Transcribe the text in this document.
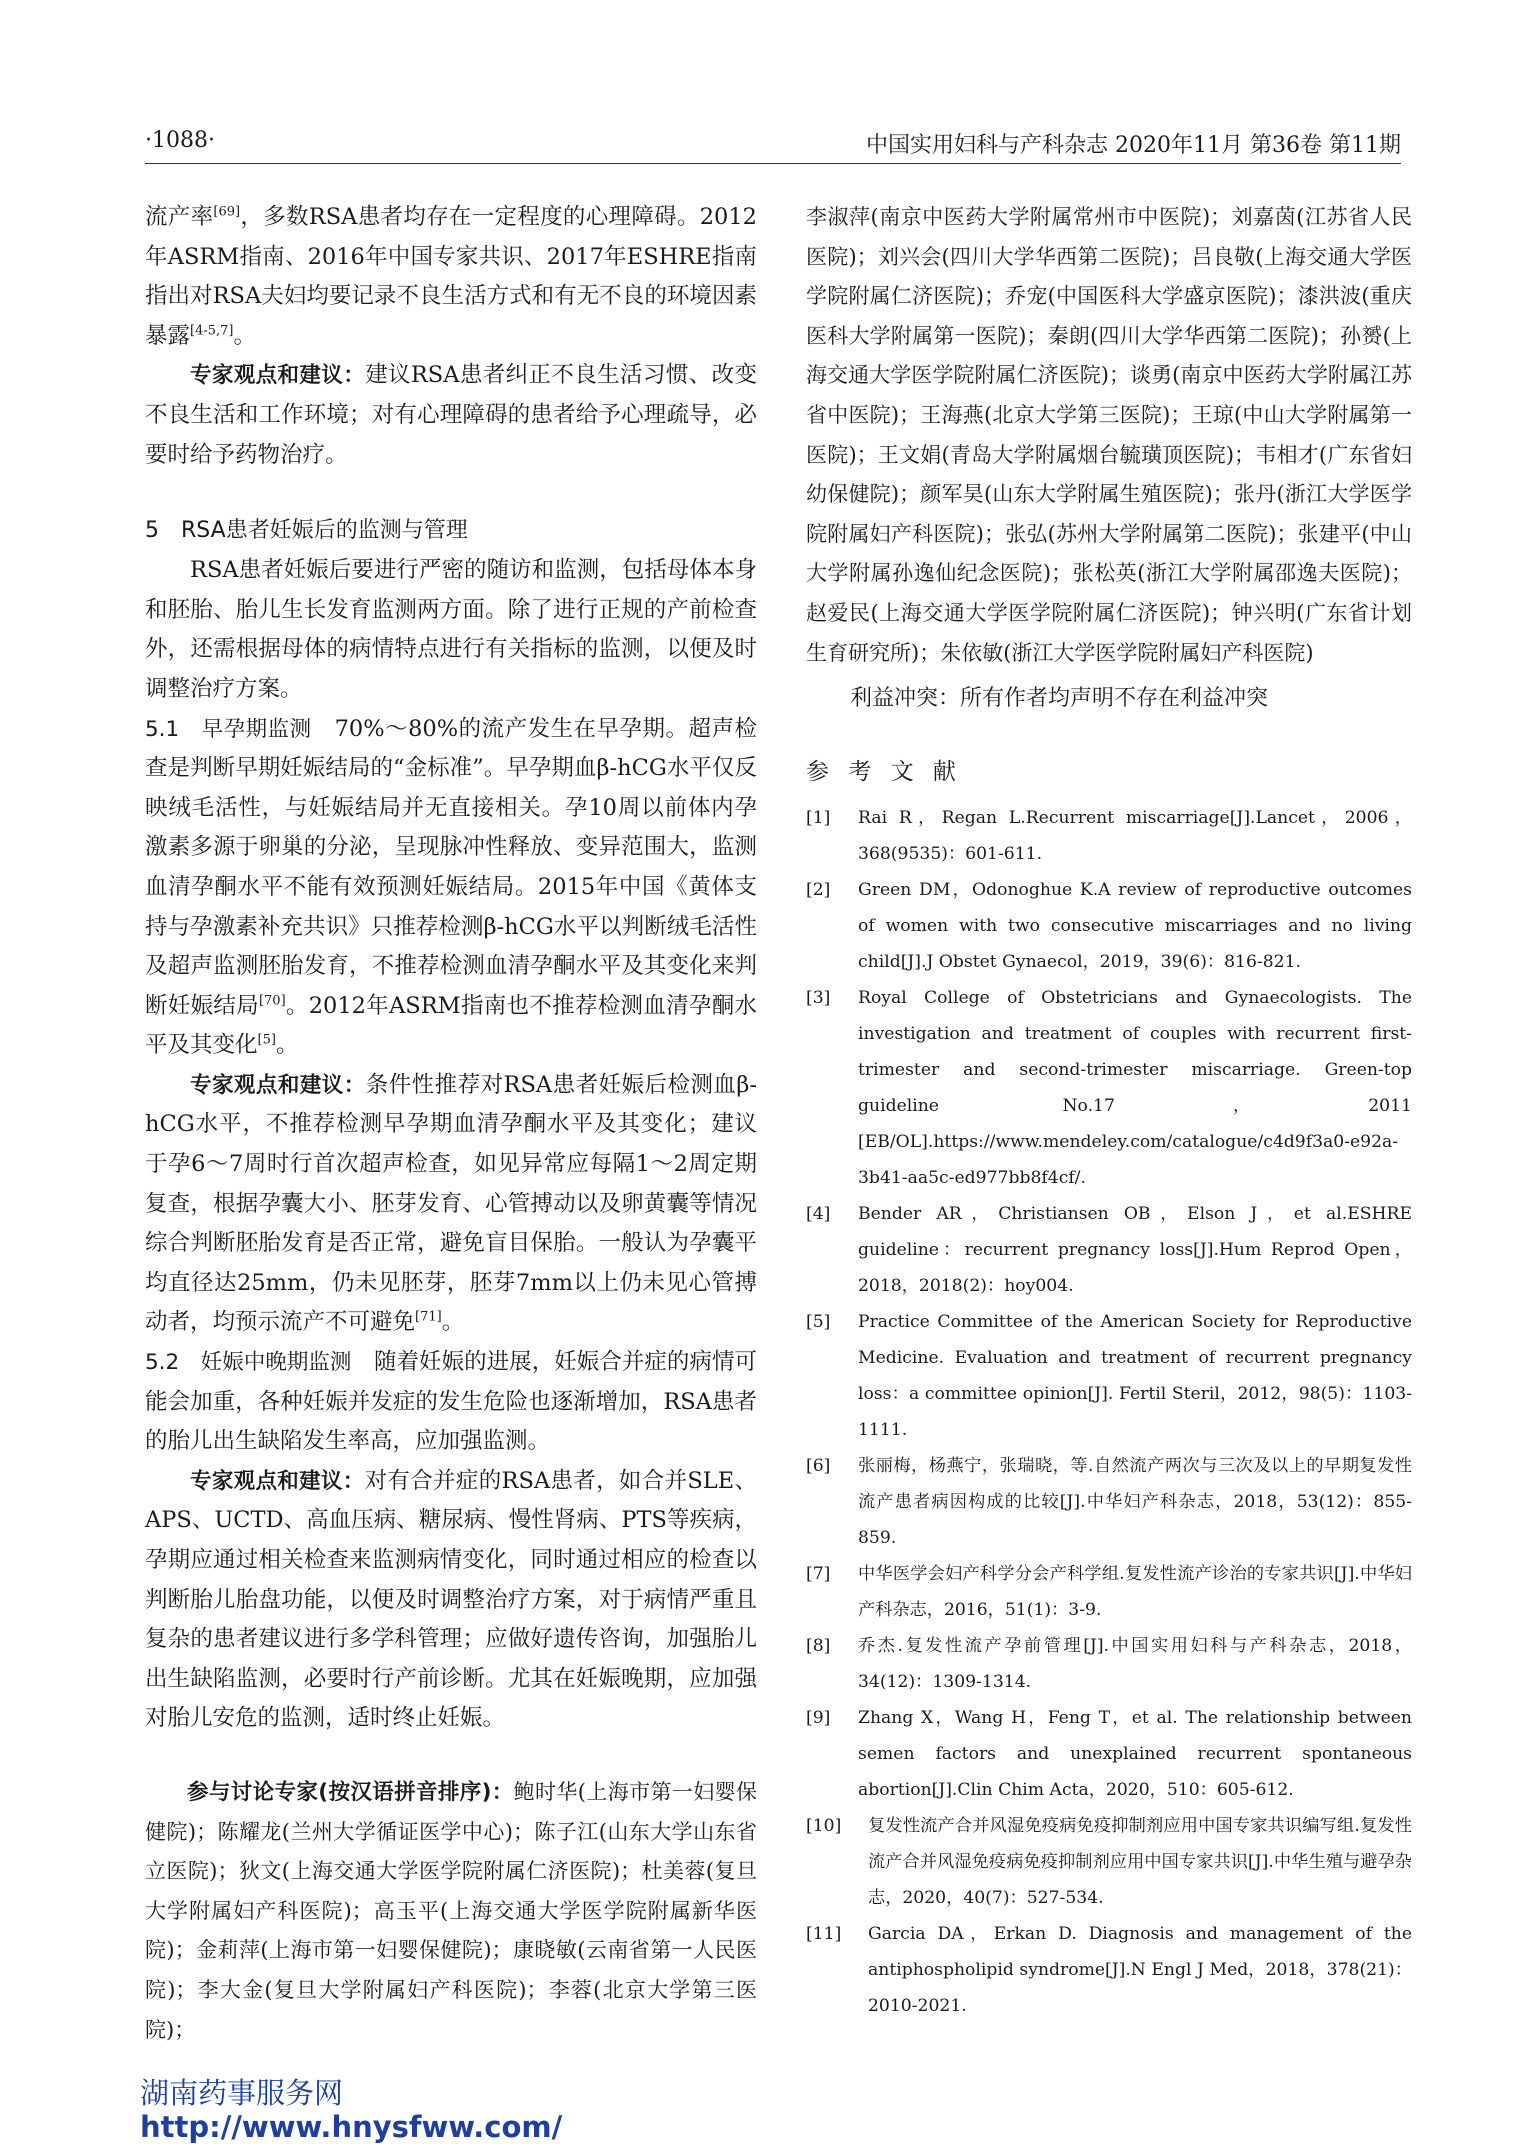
·1088·	中国实用妇科与产科杂志 2020年11月 第36卷 第11期

流产率[69]，多数RSA患者均存在一定程度的心理障碍。2012年ASRM指南、2016年中国专家共识、2017年ESHRE指南指出对RSA夫妇均要记录不良生活方式和有无不良的环境因素暴露[4-5,7]。

专家观点和建议：建议RSA患者纠正不良生活习惯、改变不良生活和工作环境；对有心理障碍的患者给予心理疏导，必要时给予药物治疗。

5　RSA患者妊娠后的监测与管理

RSA患者妊娠后要进行严密的随访和监测，包括母体本身和胚胎、胎儿生长发育监测两方面。除了进行正规的产前检查外，还需根据母体的病情特点进行有关指标的监测，以便及时调整治疗方案。

5.1　早孕期监测　70%～80%的流产发生在早孕期。超声检查是判断早期妊娠结局的“金标准”。早孕期血β-hCG水平仅反映绒毛活性，与妊娠结局并无直接相关。孕10周以前体内孕激素多源于卵巢的分泌，呈现脉冲性释放、变异范围大，监测血清孕酮水平不能有效预测妊娠结局。2015年中国《黄体支持与孕激素补充共识》只推荐检测β-hCG水平以判断绒毛活性及超声监测胚胎发育，不推荐检测血清孕酮水平及其变化来判断妊娠结局[70]。2012年ASRM指南也不推荐检测血清孕酮水平及其变化[5]。

专家观点和建议：条件性推荐对RSA患者妊娠后检测血β-hCG水平，不推荐检测早孕期血清孕酮水平及其变化；建议于孕6～7周时行首次超声检查，如见异常应每隔1～2周定期复查，根据孕囊大小、胚芽发育、心管搏动以及卵黄囊等情况综合判断胚胎发育是否正常，避免盲目保胎。一般认为孕囊平均直径达25mm，仍未见胚芽，胚芽7mm以上仍未见心管搏动者，均预示流产不可避免[71]。

5.2　妊娠中晚期监测　随着妊娠的进展，妊娠合并症的病情可能会加重，各种妊娠并发症的发生危险也逐渐增加，RSA患者的胎儿出生缺陷发生率高，应加强监测。

专家观点和建议：对有合并症的RSA患者，如合并SLE、APS、UCTD、高血压病、糖尿病、慢性肾病、PTS等疾病，孕期应通过相关检查来监测病情变化，同时通过相应的检查以判断胎儿胎盘功能，以便及时调整治疗方案，对于病情严重且复杂的患者建议进行多学科管理；应做好遗传咨询，加强胎儿出生缺陷监测，必要时行产前诊断。尤其在妊娠晚期，应加强对胎儿安危的监测，适时终止妊娠。

参与讨论专家(按汉语拼音排序)：鲍时华(上海市第一妇婴保健院)；陈耀龙(兰州大学循证医学中心)；陈子江(山东大学山东省立医院)；狄文(上海交通大学医学院附属仁济医院)；杜美蓉(复旦大学附属妇产科医院)；高玉平(上海交通大学医学院附属新华医院)；金莉萍(上海市第一妇婴保健院)；康晓敏(云南省第一人民医院)；李大金(复旦大学附属妇产科医院)；李蓉(北京大学第三医院)；

李淑萍(南京中医药大学附属常州市中医院)；刘嘉茵(江苏省人民医院)；刘兴会(四川大学华西第二医院)；吕良敬(上海交通大学医学院附属仁济医院)；乔宠(中国医科大学盛京医院)；漆洪波(重庆医科大学附属第一医院)；秦朗(四川大学华西第二医院)；孙赟(上海交通大学医学院附属仁济医院)；谈勇(南京中医药大学附属江苏省中医院)；王海燕(北京大学第三医院)；王琼(中山大学附属第一医院)；王文娟(青岛大学附属烟台毓璜顶医院)；韦相才(广东省妇幼保健院)；颜军昊(山东大学附属生殖医院)；张丹(浙江大学医学院附属妇产科医院)；张弘(苏州大学附属第二医院)；张建平(中山大学附属孙逸仙纪念医院)；张松英(浙江大学附属邵逸夫医院)；赵爱民(上海交通大学医学院附属仁济医院)；钟兴明(广东省计划生育研究所)；朱依敏(浙江大学医学院附属妇产科医院)

利益冲突：所有作者均声明不存在利益冲突

参 考 文 献
[1] Rai R，Regan L.Recurrent miscarriage[J].Lancet，2006，368(9535)：601-611.
[2] Green DM，Odonoghue K.A review of reproductive outcomes of women with two consecutive miscarriages and no living child[J].J Obstet Gynaecol，2019，39(6)：816-821.
[3] Royal College of Obstetricians and Gynaecologists. The investigation and treatment of couples with recurrent first-trimester and second-trimester miscarriage. Green-top guideline No.17，2011 [EB/OL].https://www.mendeley.com/catalogue/c4d9f3a0-e92a-3b41-aa5c-ed977bb8f4cf/.
[4] Bender AR，Christiansen OB，Elson J，et al.ESHRE guideline：recurrent pregnancy loss[J].Hum Reprod Open，2018，2018(2)：hoy004.
[5] Practice Committee of the American Society for Reproductive Medicine. Evaluation and treatment of recurrent pregnancy loss：a committee opinion[J]. Fertil Steril，2012，98(5)：1103-1111.
[6] 张丽梅，杨燕宁，张瑞晓，等.自然流产两次与三次及以上的早期复发性流产患者病因构成的比较[J].中华妇产科杂志，2018，53(12)：855-859.
[7] 中华医学会妇产科学分会产科学组.复发性流产诊治的专家共识[J].中华妇产科杂志，2016，51(1)：3-9.
[8] 乔杰.复发性流产孕前管理[J].中国实用妇科与产科杂志，2018，34(12)：1309-1314.
[9] Zhang X，Wang H，Feng T，et al. The relationship between semen factors and unexplained recurrent spontaneous abortion[J].Clin Chim Acta，2020，510：605-612.
[10] 复发性流产合并风湿免疫病免疫抑制剂应用中国专家共识编写组.复发性流产合并风湿免疫病免疫抑制剂应用中国专家共识[J].中华生殖与避孕杂志，2020，40(7)：527-534.
[11] Garcia DA，Erkan D. Diagnosis and management of the antiphospholipid syndrome[J].N Engl J Med，2018，378(21)：2010-2021.
湖南药事服务网
http://www.hnysfww.com/
